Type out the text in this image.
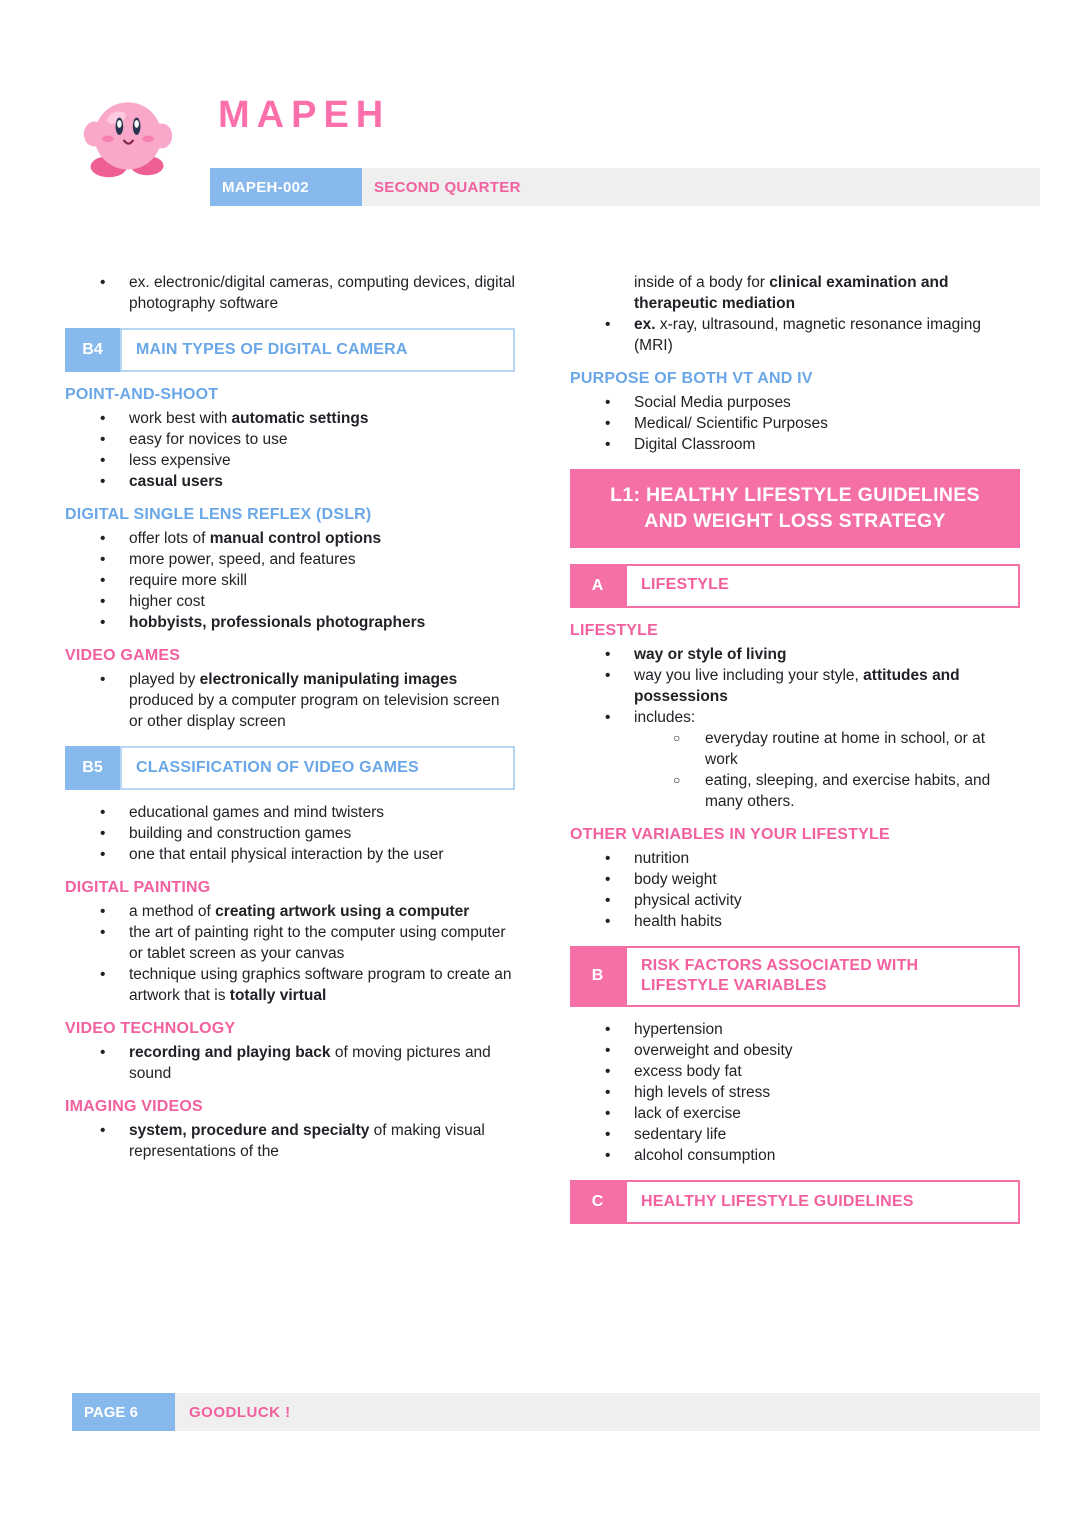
MAPEH
MAPEH-002	SECOND QUARTER
•	ex. electronic/digital cameras, computing devices, digital photography software
B4	MAIN TYPES OF DIGITAL CAMERA
POINT-AND-SHOOT
•	work best with automatic settings
•	easy for novices to use
•	less expensive
•	casual users
DIGITAL SINGLE LENS REFLEX (DSLR)
•	offer lots of manual control options
•	more power, speed, and features
•	require more skill
•	higher cost
•	hobbyists, professionals photographers
VIDEO GAMES
•	played by electronically manipulating images produced by a computer program on television screen or other display screen
B5	CLASSIFICATION OF VIDEO GAMES
•	educational games and mind twisters
•	building and construction games
•	one that entail physical interaction by the user
DIGITAL PAINTING
•	a method of creating artwork using a computer
•	the art of painting right to the computer using computer or tablet screen as your canvas
•	technique using graphics software program to create an artwork that is totally virtual
VIDEO TECHNOLOGY
•	recording and playing back of moving pictures and sound
IMAGING VIDEOS
•	system, procedure and specialty of making visual representations of the
inside of a body for clinical examination and therapeutic mediation
•	ex. x-ray, ultrasound, magnetic resonance imaging (MRI)
PURPOSE OF BOTH VT AND IV
•	Social Media purposes
•	Medical/ Scientific Purposes
•	Digital Classroom
L1: HEALTHY LIFESTYLE GUIDELINES AND WEIGHT LOSS STRATEGY
A	LIFESTYLE
LIFESTYLE
•	way or style of living
•	way you live including your style, attitudes and possessions
•	includes:
○	everyday routine at home in school, or at work
○	eating, sleeping, and exercise habits, and many others.
OTHER VARIABLES IN YOUR LIFESTYLE
•	nutrition
•	body weight
•	physical activity
•	health habits
B
RISK FACTORS ASSOCIATED WITH LIFESTYLE VARIABLES
•	hypertension
•	overweight and obesity
•	excess body fat
•	high levels of stress
•	lack of exercise
•	sedentary life
•	alcohol consumption
C	HEALTHY LIFESTYLE GUIDELINES
PAGE 6	GOODLUCK !
